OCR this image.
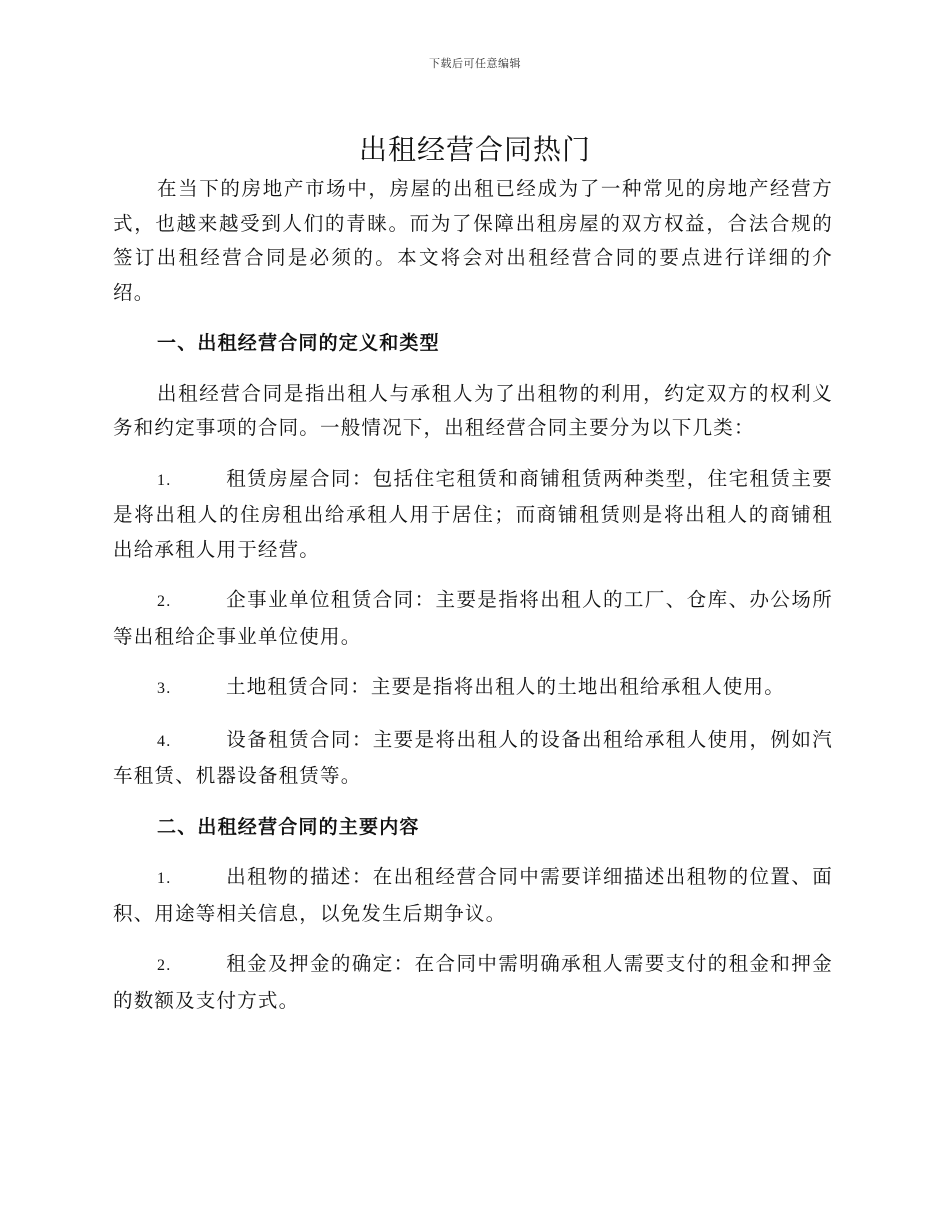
下载后可任意编辑
出租经营合同热门

在当下的房地产市场中，房屋的出租已经成为了一种常见的房地产经营方式，也越来越受到人们的青睐。而为了保障出租房屋的双方权益，合法合规的签订出租经营合同是必须的。本文将会对出租经营合同的要点进行详细的介绍。

一、出租经营合同的定义和类型

出租经营合同是指出租人与承租人为了出租物的利用，约定双方的权利义务和约定事项的合同。一般情况下，出租经营合同主要分为以下几类：

1.	租赁房屋合同：包括住宅租赁和商铺租赁两种类型，住宅租赁主要是将出租人的住房租出给承租人用于居住；而商铺租赁则是将出租人的商铺租出给承租人用于经营。

2.	企事业单位租赁合同：主要是指将出租人的工厂、仓库、办公场所等出租给企事业单位使用。

3.	土地租赁合同：主要是指将出租人的土地出租给承租人使用。

4.	设备租赁合同：主要是将出租人的设备出租给承租人使用，例如汽车租赁、机器设备租赁等。

二、出租经营合同的主要内容

1.	出租物的描述：在出租经营合同中需要详细描述出租物的位置、面积、用途等相关信息，以免发生后期争议。

2.	租金及押金的确定：在合同中需明确承租人需要支付的租金和押金的数额及支付方式。
